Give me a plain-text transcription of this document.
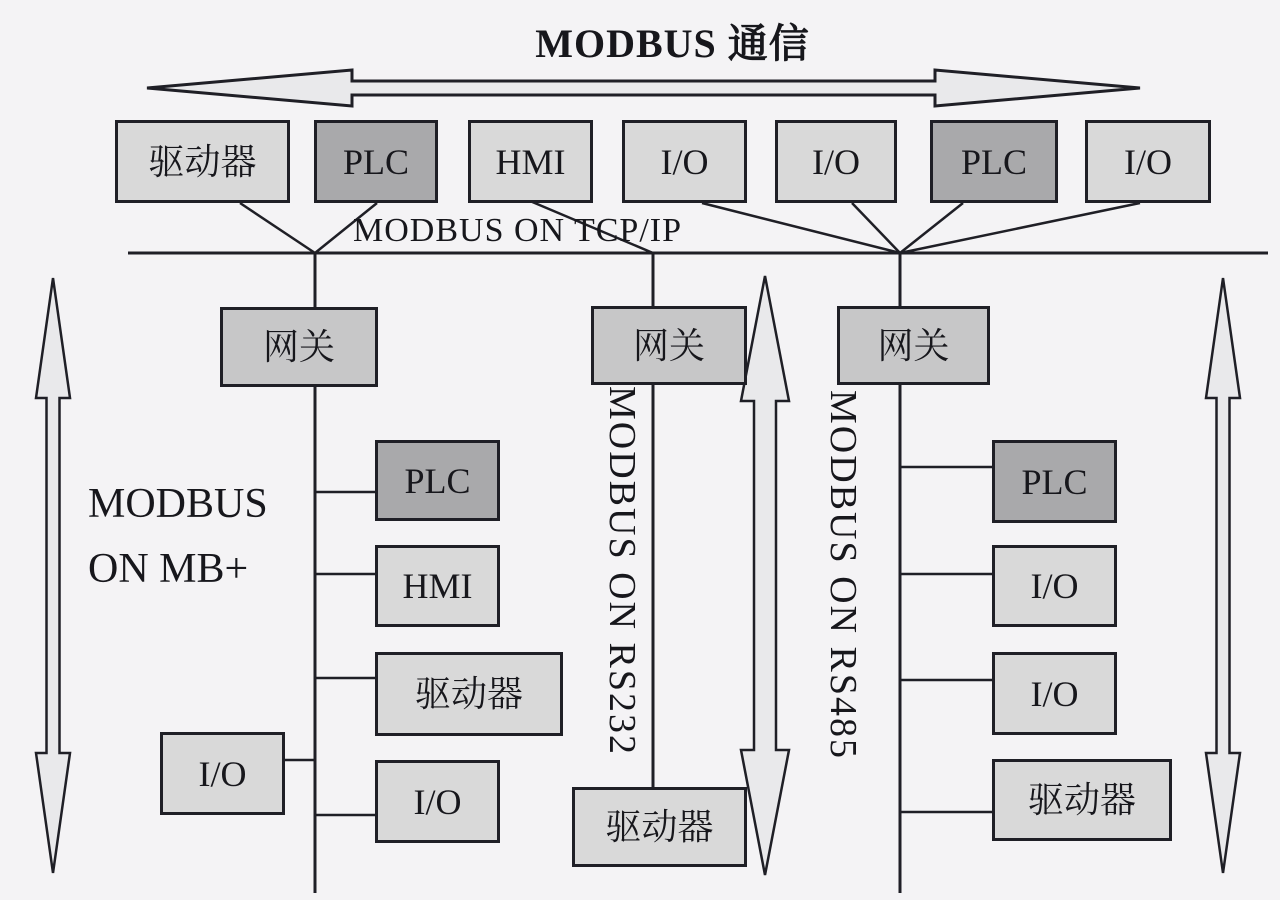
MODBUS 通信
MODBUS ON TCP/IP
MODBUS
ON MB+	MODBUS ON RS232	MODBUS ON RS485
驱动器	PLC	HMI	I/O	I/O	PLC	I/O
网关	网关	网关
PLC
HMI
驱动器
I/O
I/O
驱动器
PLC
I/O
I/O
驱动器
